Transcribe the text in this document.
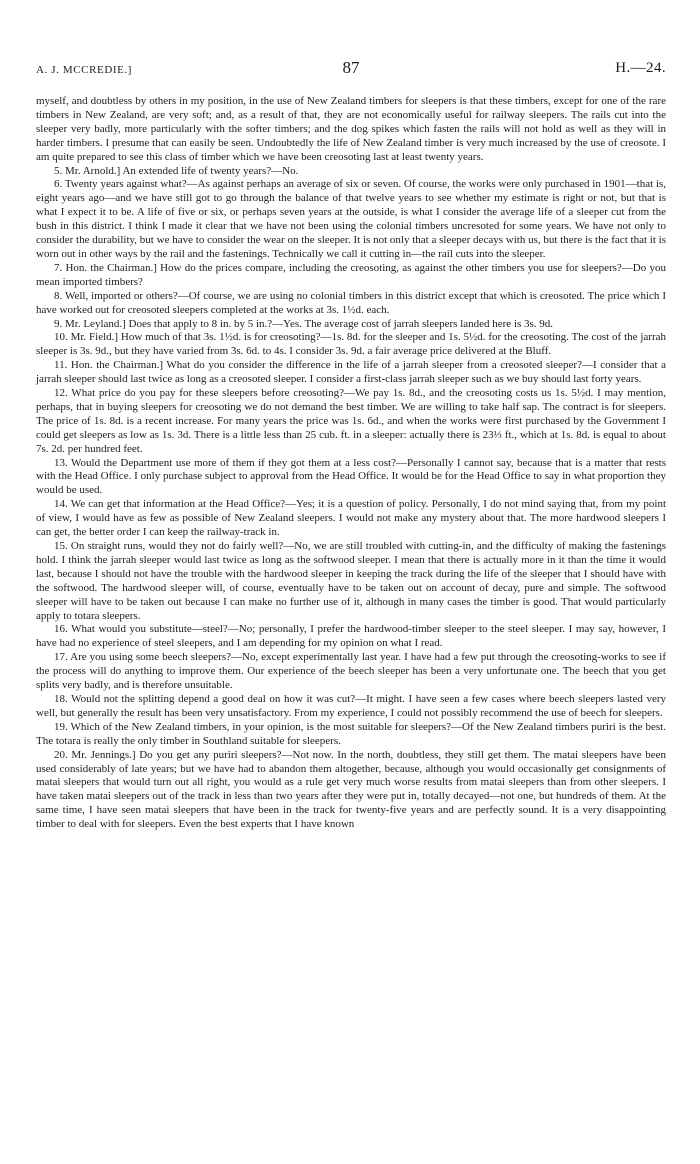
A. J. MCCREDIE.]	87	H.—24.

myself, and doubtless by others in my position, in the use of New Zealand timbers for sleepers is that these timbers, except for one of the rare timbers in New Zealand, are very soft; and, as a result of that, they are not economically useful for railway sleepers. The rails cut into the sleeper very badly, more particularly with the softer timbers; and the dog spikes which fasten the rails will not hold as well as they will in harder timbers. I presume that can easily be seen. Undoubtedly the life of New Zealand timber is very much increased by the use of creosote. I am quite prepared to see this class of timber which we have been creosoting last at least twenty years.

5. Mr. Arnold.] An extended life of twenty years?—No.

6. Twenty years against what?—As against perhaps an average of six or seven. Of course, the works were only purchased in 1901—that is, eight years ago—and we have still got to go through the balance of that twelve years to see whether my estimate is right or not, but that is what I expect it to be. A life of five or six, or perhaps seven years at the outside, is what I consider the average life of a sleeper cut from the bush in this district. I think I made it clear that we have not been using the colonial timbers uncresoted for some years. We have not only to consider the durability, but we have to consider the wear on the sleeper. It is not only that a sleeper decays with us, but there is the fact that it is worn out in other ways by the rail and the fastenings. Technically we call it cutting in—the rail cuts into the sleeper.

7. Hon. the Chairman.] How do the prices compare, including the creosoting, as against the other timbers you use for sleepers?—Do you mean imported timbers?

8. Well, imported or others?—Of course, we are using no colonial timbers in this district except that which is creosoted. The price which I have worked out for creosoted sleepers completed at the works at 3s. 1½d. each.

9. Mr. Leyland.] Does that apply to 8 in. by 5 in.?—Yes. The average cost of jarrah sleepers landed here is 3s. 9d.

10. Mr. Field.] How much of that 3s. 1½d. is for creosoting?—1s. 8d. for the sleeper and 1s. 5½d. for the creosoting. The cost of the jarrah sleeper is 3s. 9d., but they have varied from 3s. 6d. to 4s. I consider 3s. 9d. a fair average price delivered at the Bluff.

11. Hon. the Chairman.] What do you consider the difference in the life of a jarrah sleeper from a creosoted sleeper?—I consider that a jarrah sleeper should last twice as long as a creosoted sleeper. I consider a first-class jarrah sleeper such as we buy should last forty years.

12. What price do you pay for these sleepers before creosoting?—We pay 1s. 8d., and the creosoting costs us 1s. 5½d. I may mention, perhaps, that in buying sleepers for creosoting we do not demand the best timber. We are willing to take half sap. The contract is for sleepers. The price of 1s. 8d. is a recent increase. For many years the price was 1s. 6d., and when the works were first purchased by the Government I could get sleepers as low as 1s. 3d. There is a little less than 25 cub. ft. in a sleeper: actually there is 23⅓ ft., which at 1s. 8d. is equal to about 7s. 2d. per hundred feet.

13. Would the Department use more of them if they got them at a less cost?—Personally I cannot say, because that is a matter that rests with the Head Office. I only purchase subject to approval from the Head Office. It would be for the Head Office to say in what proportion they would be used.

14. We can get that information at the Head Office?—Yes; it is a question of policy. Personally, I do not mind saying that, from my point of view, I would have as few as possible of New Zealand sleepers. I would not make any mystery about that. The more hardwood sleepers I can get, the better order I can keep the railway-track in.

15. On straight runs, would they not do fairly well?—No, we are still troubled with cutting-in, and the difficulty of making the fastenings hold. I think the jarrah sleeper would last twice as long as the softwood sleeper. I mean that there is actually more in it than the time it would last, because I should not have the trouble with the hardwood sleeper in keeping the track during the life of the sleeper that I should have with the softwood. The hardwood sleeper will, of course, eventually have to be taken out on account of decay, pure and simple. The softwood sleeper will have to be taken out because I can make no further use of it, although in many cases the timber is good. That would particularly apply to totara sleepers.

16. What would you substitute—steel?—No; personally, I prefer the hardwood-timber sleeper to the steel sleeper. I may say, however, I have had no experience of steel sleepers, and I am depending for my opinion on what I read.

17. Are you using some beech sleepers?—No, except experimentally last year. I have had a few put through the creosoting-works to see if the process will do anything to improve them. Our experience of the beech sleeper has been a very unfortunate one. The beech that you get splits very badly, and is therefore unsuitable.

18. Would not the splitting depend a good deal on how it was cut?—It might. I have seen a few cases where beech sleepers lasted very well, but generally the result has been very unsatisfactory. From my experience, I could not possibly recommend the use of beech for sleepers.

19. Which of the New Zealand timbers, in your opinion, is the most suitable for sleepers?—Of the New Zealand timbers puriri is the best. The totara is really the only timber in Southland suitable for sleepers.

20. Mr. Jennings.] Do you get any puriri sleepers?—Not now. In the north, doubtless, they still get them. The matai sleepers have been used considerably of late years; but we have had to abandon them altogether, because, although you would occasionally get consignments of matai sleepers that would turn out all right, you would as a rule get very much worse results from matai sleepers than from other sleepers. I have taken matai sleepers out of the track in less than two years after they were put in, totally decayed—not one, but hundreds of them. At the same time, I have seen matai sleepers that have been in the track for twenty-five years and are perfectly sound. It is a very disappointing timber to deal with for sleepers. Even the best experts that I have known
